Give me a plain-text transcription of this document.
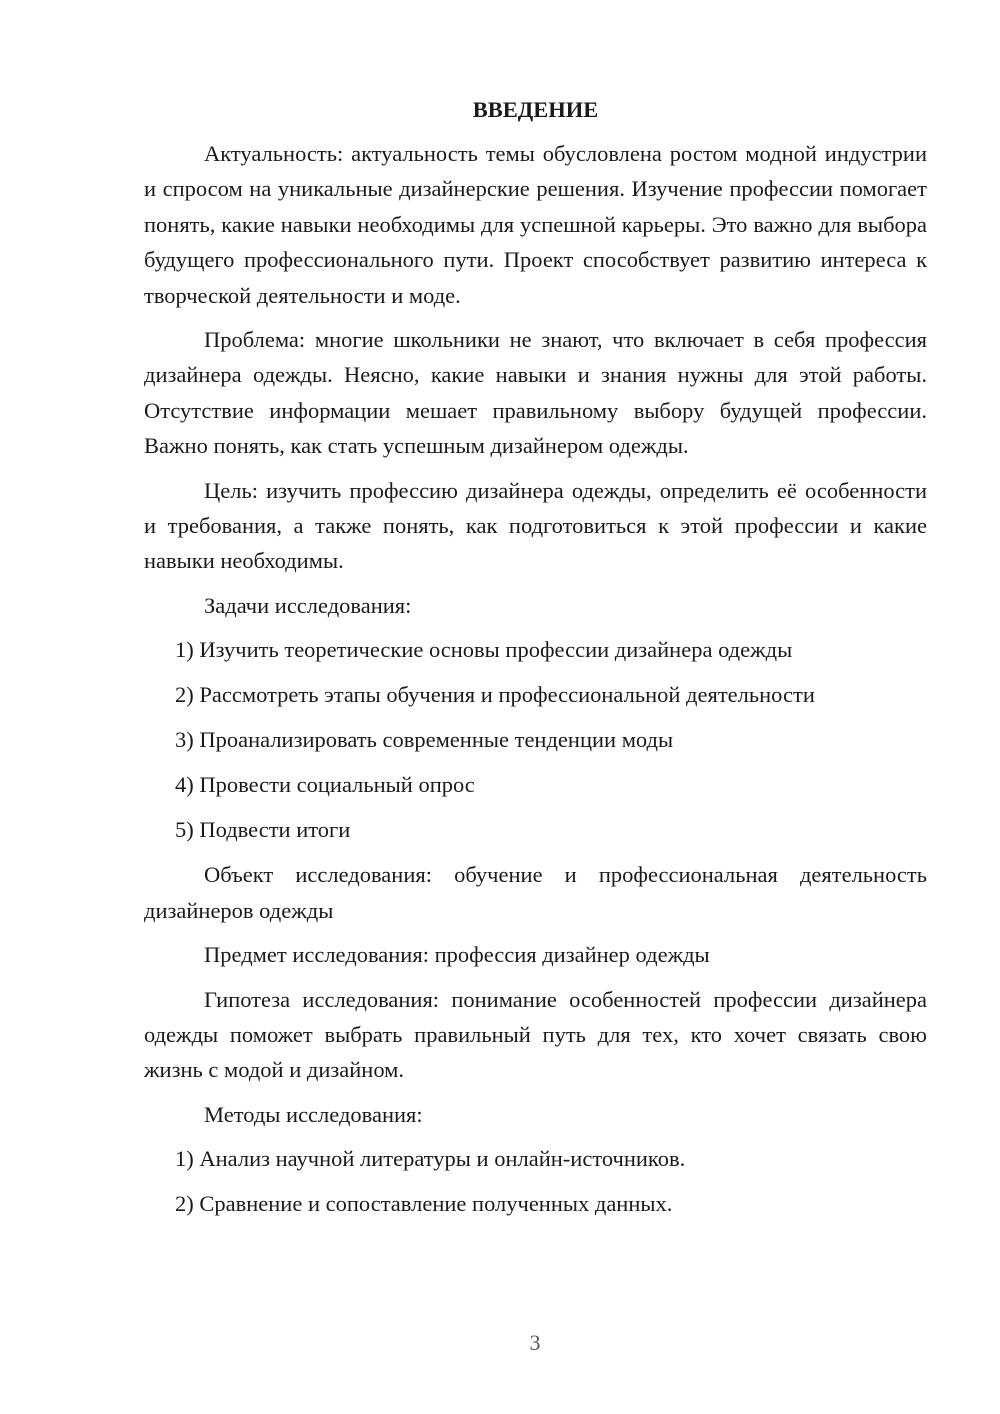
ВВЕДЕНИЕ

Актуальность: актуальность темы обусловлена ростом модной индустрии и спросом на уникальные дизайнерские решения. Изучение профессии помогает понять, какие навыки необходимы для успешной карьеры. Это важно для выбора будущего профессионального пути. Проект способствует развитию интереса к творческой деятельности и моде.

Проблема: многие школьники не знают, что включает в себя профессия дизайнера одежды. Неясно, какие навыки и знания нужны для этой работы. Отсутствие информации мешает правильному выбору будущей профессии. Важно понять, как стать успешным дизайнером одежды.

Цель: изучить профессию дизайнера одежды, определить её особенности и требования, а также понять, как подготовиться к этой профессии и какие навыки необходимы.

Задачи исследования:

1) Изучить теоретические основы профессии дизайнера одежды
2) Рассмотреть этапы обучения и профессиональной деятельности
3) Проанализировать современные тенденции моды
4) Провести социальный опрос
5) Подвести итоги

Объект исследования: обучение и профессиональная деятельность дизайнеров одежды

Предмет исследования: профессия дизайнер одежды

Гипотеза исследования: понимание особенностей профессии дизайнера одежды поможет выбрать правильный путь для тех, кто хочет связать свою жизнь с модой и дизайном.

Методы исследования:

1) Анализ научной литературы и онлайн-источников.
2) Сравнение и сопоставление полученных данных.
3
